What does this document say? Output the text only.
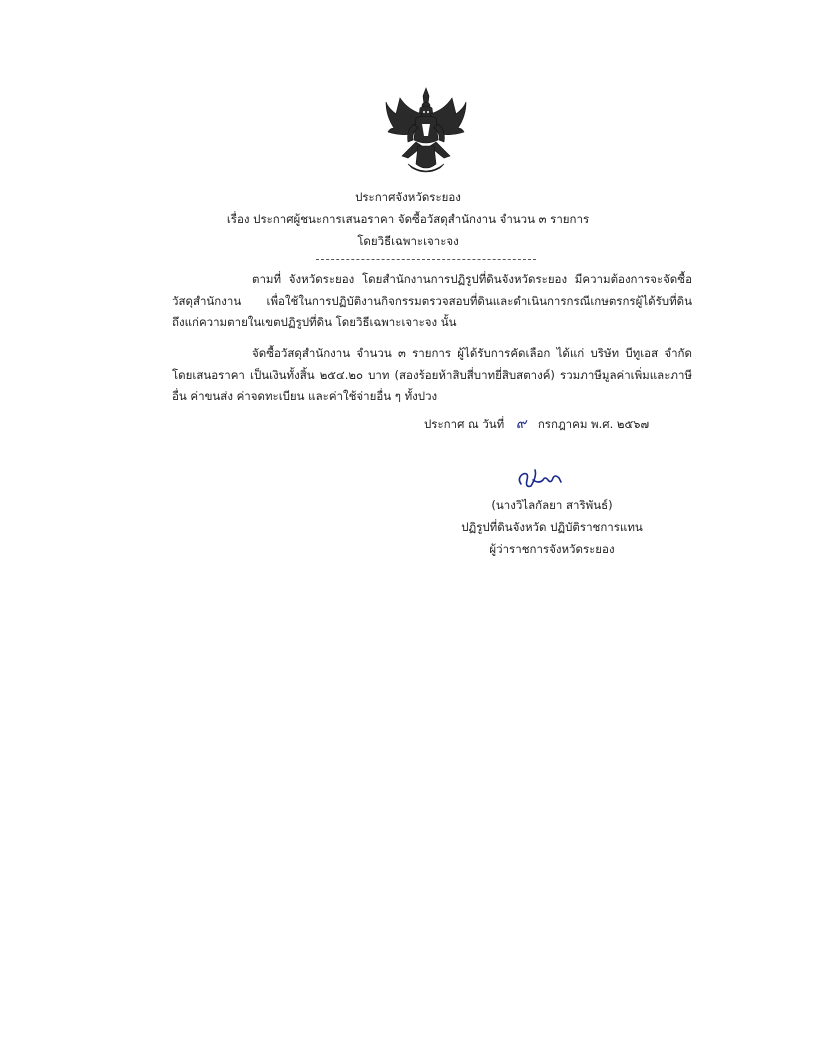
ประกาศจังหวัดระยอง
เรื่อง ประกาศผู้ชนะการเสนอราคา จัดซื้อวัสดุสำนักงาน จำนวน ๓ รายการ
โดยวิธีเฉพาะเจาะจง

ตามที่ จังหวัดระยอง โดยสำนักงานการปฏิรูปที่ดินจังหวัดระยอง มีความต้องการจะจัดซื้อวัสดุสำนักงาน เพื่อใช้ในการปฏิบัติงานกิจกรรมตรวจสอบที่ดินและดำเนินการกรณีเกษตรกรผู้ได้รับที่ดินถึงแก่ความตายในเขตปฏิรูปที่ดิน โดยวิธีเฉพาะเจาะจง นั้น

จัดซื้อวัสดุสำนักงาน จำนวน ๓ รายการ ผู้ได้รับการคัดเลือก ได้แก่ บริษัท บีทูเอส จำกัด โดยเสนอราคา เป็นเงินทั้งสิ้น ๒๕๔.๒๐ บาท (สองร้อยห้าสิบสี่บาทยี่สิบสตางค์) รวมภาษีมูลค่าเพิ่มและภาษีอื่น ค่าขนส่ง ค่าจดทะเบียน และค่าใช้จ่ายอื่น ๆ ทั้งปวง

ประกาศ ณ วันที่ ๙ กรกฎาคม พ.ศ. ๒๕๖๗
(นางวิไลกัลยา สาริพันธ์)
ปฏิรูปที่ดินจังหวัด ปฏิบัติราชการแทน
ผู้ว่าราชการจังหวัดระยอง
